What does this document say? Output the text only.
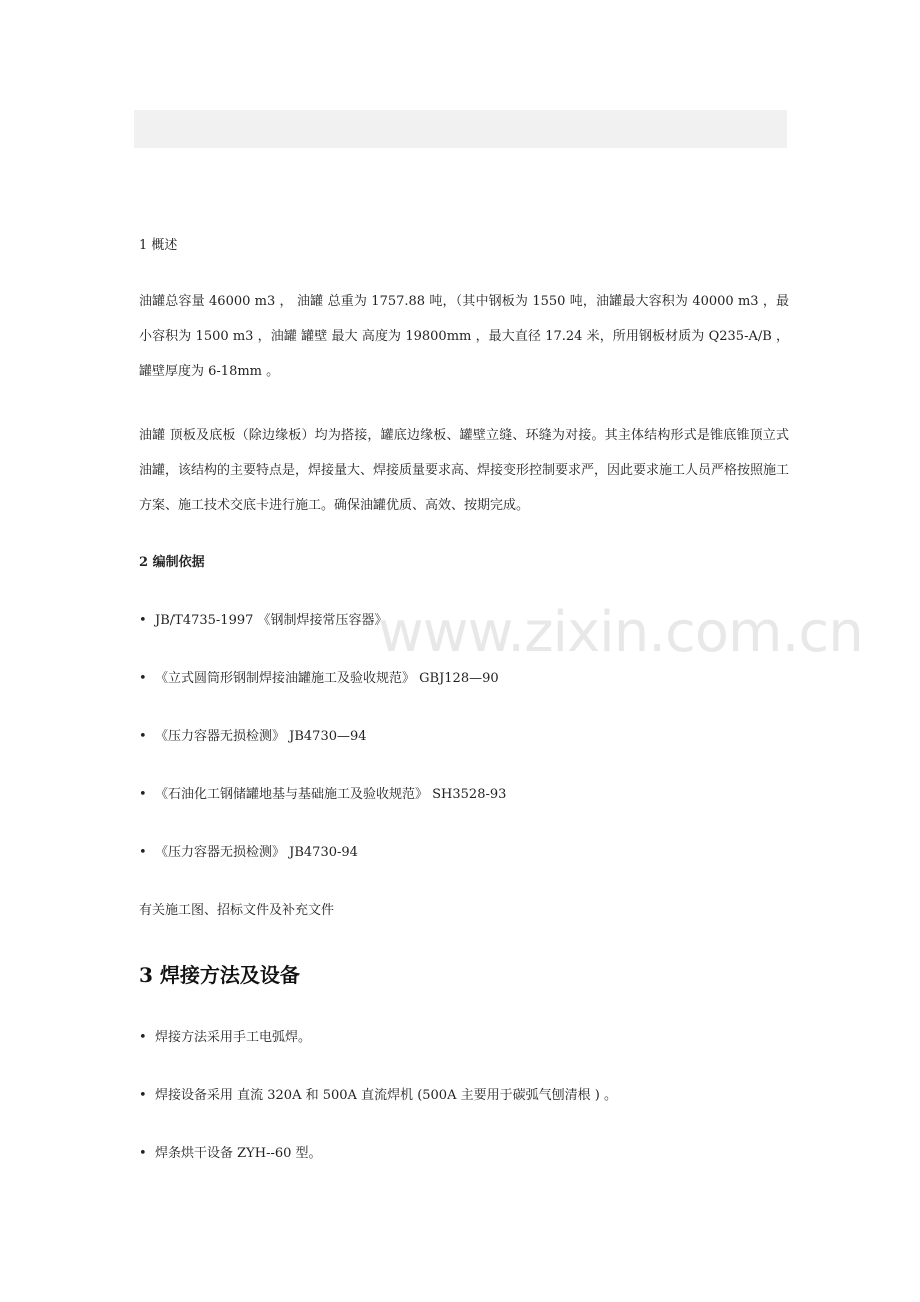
www.zixin.com.cn
1 概述
油罐总容量 46000 m3 ， 油罐 总重为 1757.88 吨，（其中钢板为 1550 吨，油罐最大容积为 40000 m3 ，最小容积为 1500 m3 ，油罐 罐壁 最大 高度为 19800mm ，最大直径 17.24 米，所用钢板材质为 Q235-A/B ，罐壁厚度为 6-18mm 。
油罐 顶板及底板（除边缘板）均为搭接，罐底边缘板、罐壁立缝、环缝为对接。其主体结构形式是锥底锥顶立式油罐，该结构的主要特点是，焊接量大、焊接质量要求高、焊接变形控制要求严，因此要求施工人员严格按照施工方案、施工技术交底卡进行施工。确保油罐优质、高效、按期完成。
2 编制依据
• JB/T4735-1997 《钢制焊接常压容器》
• 《立式圆筒形钢制焊接油罐施工及验收规范》 GBJ128—90
• 《压力容器无损检测》 JB4730—94
• 《石油化工钢储罐地基与基础施工及验收规范》 SH3528-93
• 《压力容器无损检测》 JB4730-94
有关施工图、招标文件及补充文件
3 焊接方法及设备
• 焊接方法采用手工电弧焊。
• 焊接设备采用 直流 320A 和 500A 直流焊机 (500A 主要用于碳弧气刨清根 ) 。
• 焊条烘干设备 ZYH--60 型。
